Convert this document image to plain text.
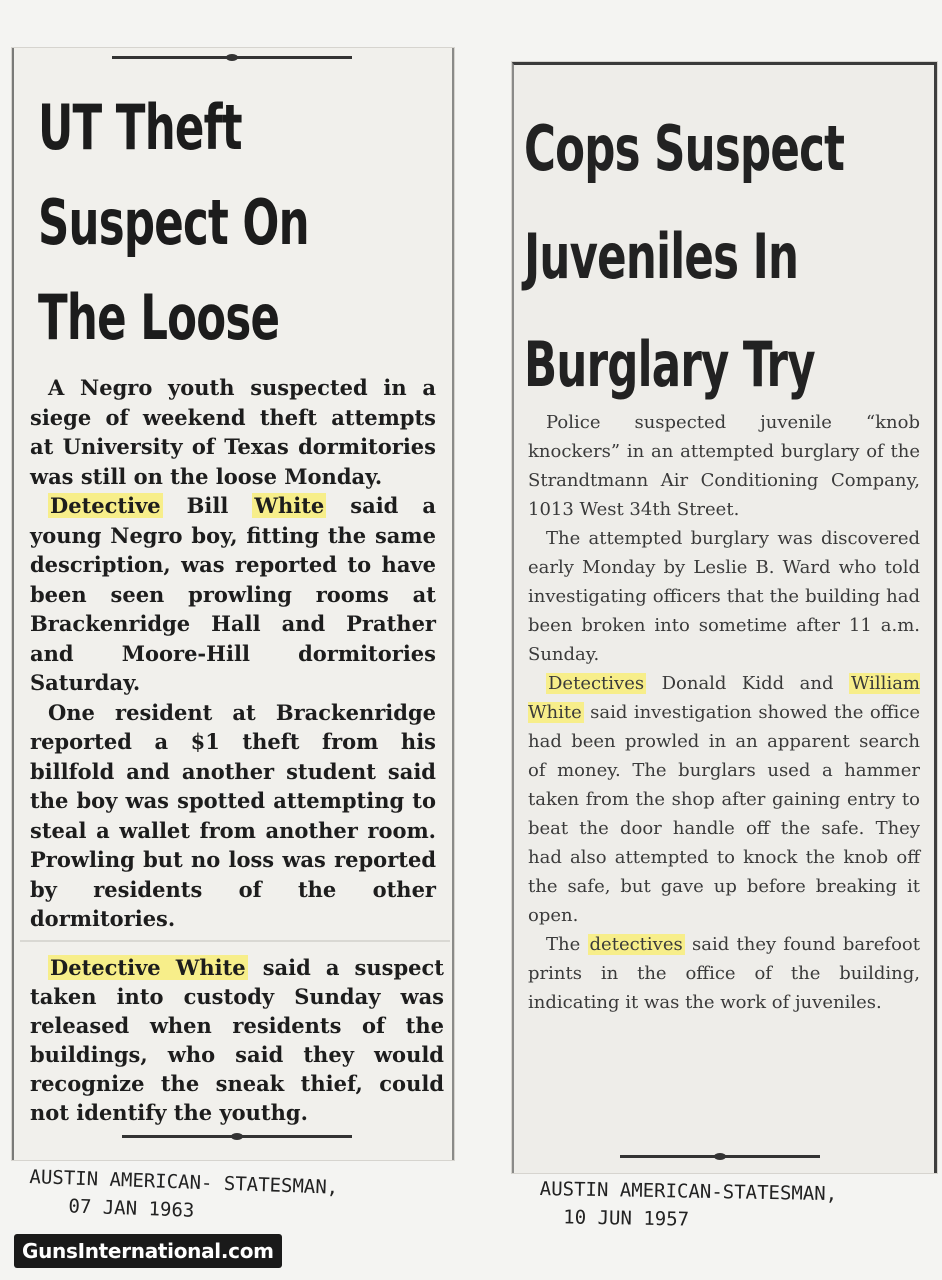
UT Theft Suspect On The Loose

A Negro youth suspected in a siege of weekend theft attempts at University of Texas dormitories was still on the loose Monday.

Detective Bill White said a young Negro boy, fitting the same description, was reported to have been seen prowling rooms at Brackenridge Hall and Prather and Moore-Hill dormitories Saturday.

One resident at Brackenridge reported a $1 theft from his billfold and another student said the boy was spotted attempting to steal a wallet from another room. Prowling but no loss was reported by residents of the other dormitories.

Detective White said a suspect taken into custody Sunday was released when residents of the buildings, who said they would recognize the sneak thief, could not identify the youthg.

Cops Suspect Juveniles In Burglary Try

Police suspected juvenile “knob knockers” in an attempted burglary of the Strandtmann Air Conditioning Company, 1013 West 34th Street.

The attempted burglary was discovered early Monday by Leslie B. Ward who told investigating officers that the building had been broken into sometime after 11 a.m. Sunday.

Detectives Donald Kidd and William White said investigation showed the office had been prowled in an apparent search of money. The burglars used a hammer taken from the shop after gaining entry to beat the door handle off the safe. They had also attempted to knock the knob off the safe, but gave up before breaking it open.

The detectives said they found barefoot prints in the office of the building, indicating it was the work of juveniles.

AUSTIN AMERICAN- STATESMAN,
07 JAN 1963
AUSTIN AMERICAN-STATESMAN,
10 JUN 1957
GunsInternational.com
